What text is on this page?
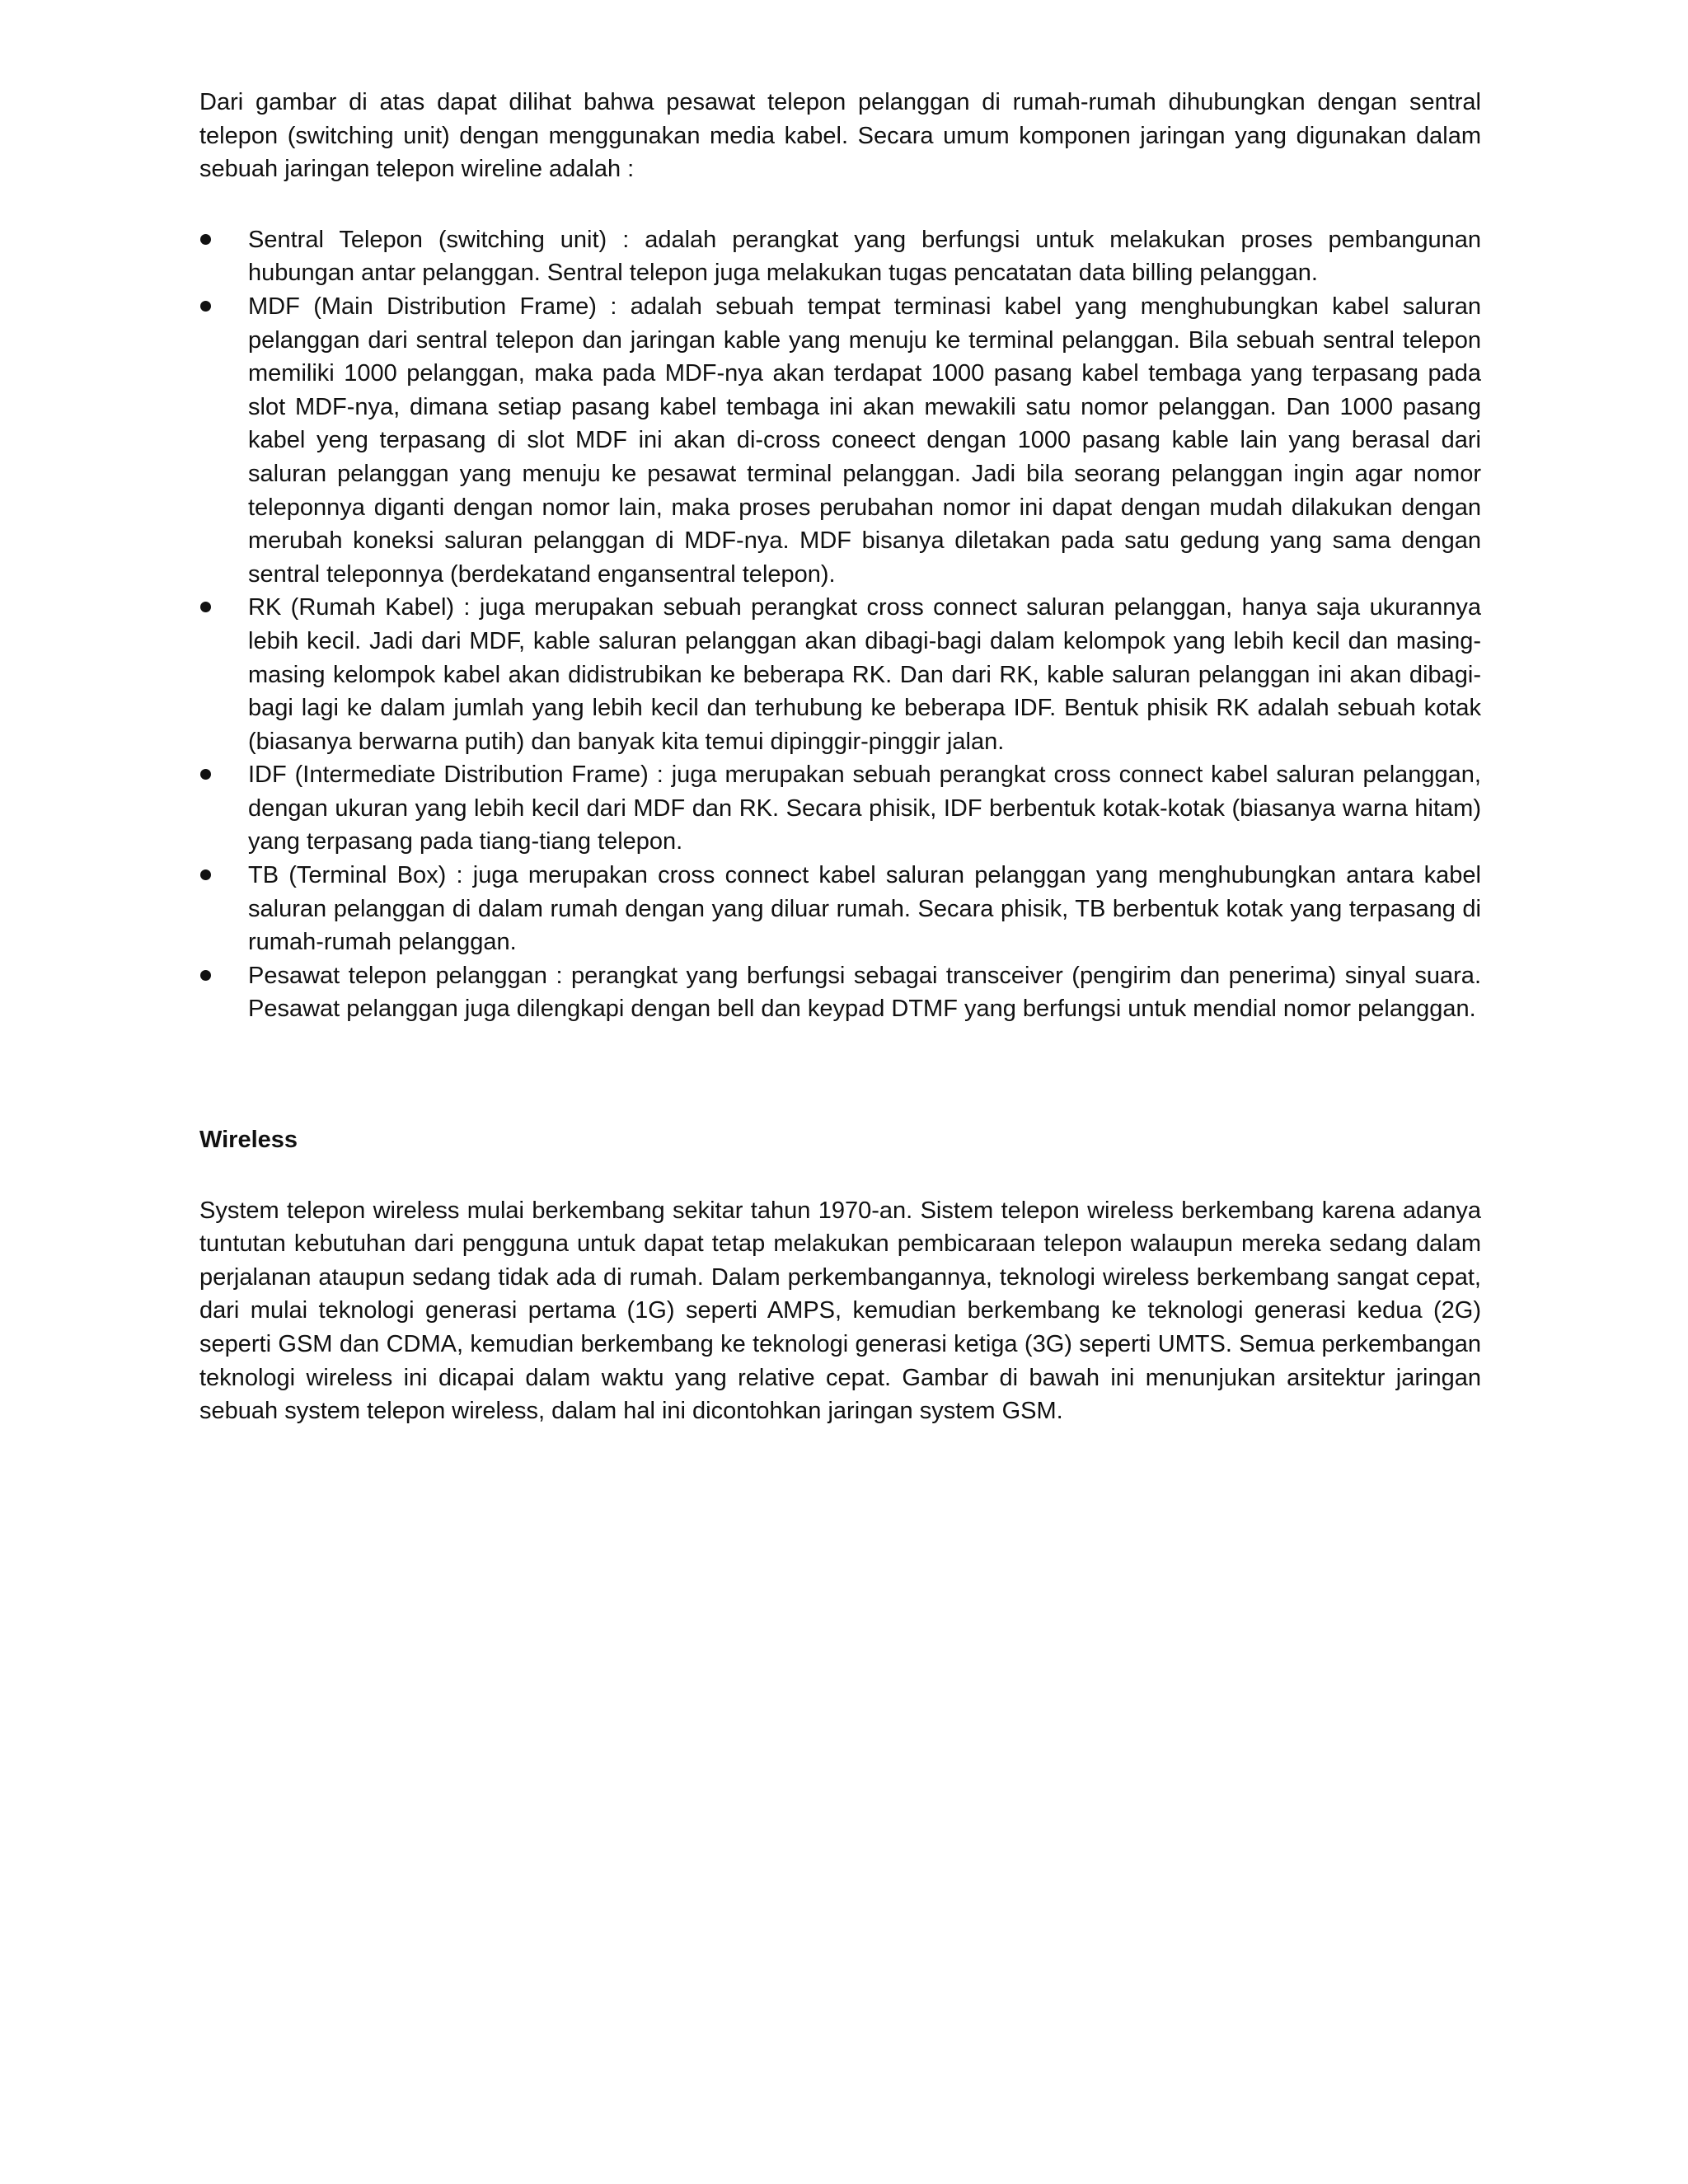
Dari gambar di atas dapat dilihat bahwa pesawat telepon pelanggan di rumah-rumah dihubungkan dengan sentral telepon (switching unit) dengan menggunakan media kabel. Secara umum komponen jaringan yang digunakan dalam sebuah jaringan telepon wireline adalah :

Sentral Telepon (switching unit) : adalah perangkat yang berfungsi untuk melakukan proses pembangunan hubungan antar pelanggan. Sentral telepon juga melakukan tugas pencatatan data billing pelanggan.
MDF (Main Distribution Frame) : adalah sebuah tempat terminasi kabel yang menghubungkan kabel saluran pelanggan dari sentral telepon dan jaringan kable yang menuju ke terminal pelanggan. Bila sebuah sentral telepon memiliki 1000 pelanggan, maka pada MDF-nya akan terdapat 1000 pasang kabel tembaga yang terpasang pada slot MDF-nya, dimana setiap pasang kabel tembaga ini akan mewakili satu nomor pelanggan. Dan 1000 pasang kabel yeng terpasang di slot MDF ini akan di-cross coneect dengan 1000 pasang kable lain yang berasal dari saluran pelanggan yang menuju ke pesawat terminal pelanggan. Jadi bila seorang pelanggan ingin agar nomor teleponnya diganti dengan nomor lain, maka proses perubahan nomor ini dapat dengan mudah dilakukan dengan merubah koneksi saluran pelanggan di MDF-nya. MDF bisanya diletakan pada satu gedung yang sama dengan sentral teleponnya (berdekatand engansentral telepon).
RK (Rumah Kabel) : juga merupakan sebuah perangkat cross connect saluran pelanggan, hanya saja ukurannya lebih kecil. Jadi dari MDF, kable saluran pelanggan akan dibagi-bagi dalam kelompok yang lebih kecil dan masing-masing kelompok kabel akan didistrubikan ke beberapa RK. Dan dari RK, kable saluran pelanggan ini akan dibagi-bagi lagi ke dalam jumlah yang lebih kecil dan terhubung ke beberapa IDF. Bentuk phisik RK adalah sebuah kotak (biasanya berwarna putih) dan banyak kita temui dipinggir-pinggir jalan.
IDF (Intermediate Distribution Frame) : juga merupakan sebuah perangkat cross connect kabel saluran pelanggan, dengan ukuran yang lebih kecil dari MDF dan RK. Secara phisik, IDF berbentuk kotak-kotak (biasanya warna hitam) yang terpasang pada tiang-tiang telepon.
TB (Terminal Box) : juga merupakan cross connect kabel saluran pelanggan yang menghubungkan antara kabel saluran pelanggan di dalam rumah dengan yang diluar rumah. Secara phisik, TB berbentuk kotak yang terpasang di rumah-rumah pelanggan.
Pesawat telepon pelanggan : perangkat yang berfungsi sebagai transceiver (pengirim dan penerima) sinyal suara. Pesawat pelanggan juga dilengkapi dengan bell dan keypad DTMF yang berfungsi untuk mendial nomor pelanggan.

Wireless

System telepon wireless mulai berkembang sekitar tahun 1970-an. Sistem telepon wireless berkembang karena adanya tuntutan kebutuhan dari pengguna untuk dapat tetap melakukan pembicaraan telepon walaupun mereka sedang dalam perjalanan ataupun sedang tidak ada di rumah. Dalam perkembangannya, teknologi wireless berkembang sangat cepat, dari mulai teknologi generasi pertama (1G) seperti AMPS, kemudian berkembang ke teknologi generasi kedua (2G) seperti GSM dan CDMA, kemudian berkembang ke teknologi generasi ketiga (3G) seperti UMTS. Semua perkembangan teknologi wireless ini dicapai dalam waktu yang relative cepat. Gambar di bawah ini menunjukan arsitektur jaringan sebuah system telepon wireless, dalam hal ini dicontohkan jaringan system GSM.
